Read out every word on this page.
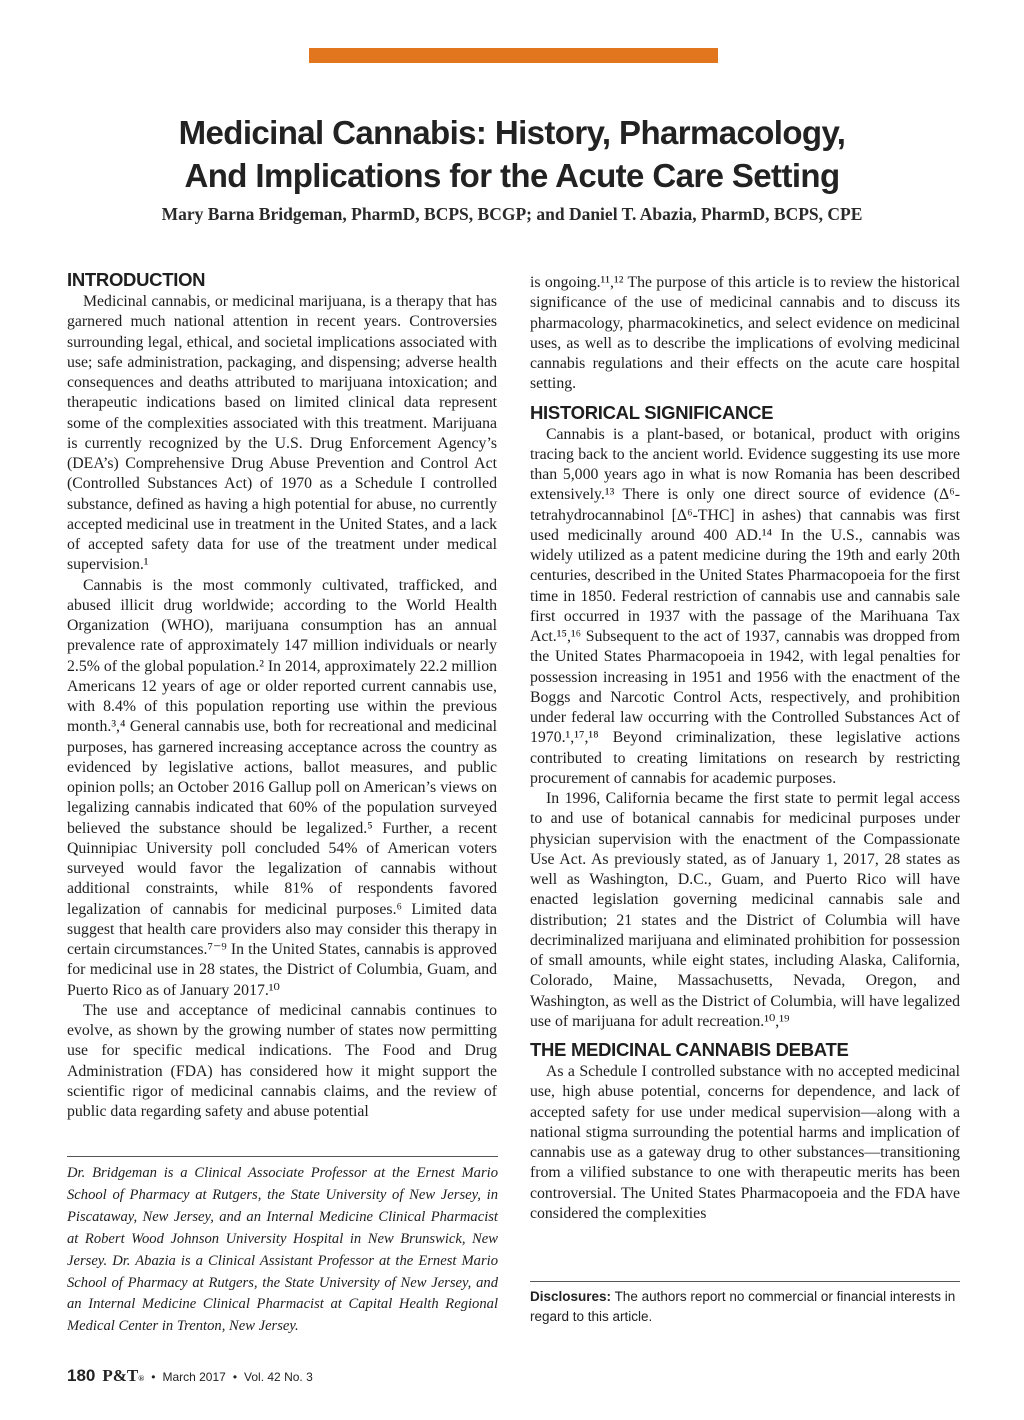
Medicinal Cannabis: History, Pharmacology,
And Implications for the Acute Care Setting
Mary Barna Bridgeman, PharmD, BCPS, BCGP; and Daniel T. Abazia, PharmD, BCPS, CPE
INTRODUCTION

Medicinal cannabis, or medicinal marijuana, is a therapy that has garnered much national attention in recent years. Controversies surrounding legal, ethical, and societal implications associated with use; safe administration, packaging, and dispensing; adverse health consequences and deaths attributed to marijuana intoxication; and therapeutic indications based on limited clinical data represent some of the complexities associated with this treatment. Marijuana is currently recognized by the U.S. Drug Enforcement Agency’s (DEA’s) Comprehensive Drug Abuse Prevention and Control Act (Controlled Substances Act) of 1970 as a Schedule I controlled substance, defined as having a high potential for abuse, no currently accepted medicinal use in treatment in the United States, and a lack of accepted safety data for use of the treatment under medical supervision.¹

Cannabis is the most commonly cultivated, trafficked, and abused illicit drug worldwide; according to the World Health Organization (WHO), marijuana consumption has an annual prevalence rate of approximately 147 million individuals or nearly 2.5% of the global population.² In 2014, approximately 22.2 million Americans 12 years of age or older reported current cannabis use, with 8.4% of this population reporting use within the previous month.³,⁴ General cannabis use, both for recreational and medicinal purposes, has garnered increasing acceptance across the country as evidenced by legislative actions, ballot measures, and public opinion polls; an October 2016 Gallup poll on American’s views on legalizing cannabis indicated that 60% of the population surveyed believed the substance should be legalized.⁵ Further, a recent Quinnipiac University poll concluded 54% of American voters surveyed would favor the legalization of cannabis without additional constraints, while 81% of respondents favored legalization of cannabis for medicinal purposes.⁶ Limited data suggest that health care providers also may consider this therapy in certain circumstances.⁷⁻⁹ In the United States, cannabis is approved for medicinal use in 28 states, the District of Columbia, Guam, and Puerto Rico as of January 2017.¹⁰

The use and acceptance of medicinal cannabis continues to evolve, as shown by the growing number of states now permitting use for specific medical indications. The Food and Drug Administration (FDA) has considered how it might support the scientific rigor of medicinal cannabis claims, and the review of public data regarding safety and abuse potential

is ongoing.¹¹,¹² The purpose of this article is to review the historical significance of the use of medicinal cannabis and to discuss its pharmacology, pharmacokinetics, and select evidence on medicinal uses, as well as to describe the implications of evolving medicinal cannabis regulations and their effects on the acute care hospital setting.

HISTORICAL SIGNIFICANCE

Cannabis is a plant-based, or botanical, product with origins tracing back to the ancient world. Evidence suggesting its use more than 5,000 years ago in what is now Romania has been described extensively.¹³ There is only one direct source of evidence (Δ⁶-tetrahydrocannabinol [Δ⁶-THC] in ashes) that cannabis was first used medicinally around 400 AD.¹⁴ In the U.S., cannabis was widely utilized as a patent medicine during the 19th and early 20th centuries, described in the United States Pharmacopoeia for the first time in 1850. Federal restriction of cannabis use and cannabis sale first occurred in 1937 with the passage of the Marihuana Tax Act.¹⁵,¹⁶ Subsequent to the act of 1937, cannabis was dropped from the United States Pharmacopoeia in 1942, with legal penalties for possession increasing in 1951 and 1956 with the enactment of the Boggs and Narcotic Control Acts, respectively, and prohibition under federal law occurring with the Controlled Substances Act of 1970.¹,¹⁷,¹⁸ Beyond criminalization, these legislative actions contributed to creating limitations on research by restricting procurement of cannabis for academic purposes.

In 1996, California became the first state to permit legal access to and use of botanical cannabis for medicinal purposes under physician supervision with the enactment of the Compassionate Use Act. As previously stated, as of January 1, 2017, 28 states as well as Washington, D.C., Guam, and Puerto Rico will have enacted legislation governing medicinal cannabis sale and distribution; 21 states and the District of Columbia will have decriminalized marijuana and eliminated prohibition for possession of small amounts, while eight states, including Alaska, California, Colorado, Maine, Massachusetts, Nevada, Oregon, and Washington, as well as the District of Columbia, will have legalized use of marijuana for adult recreation.¹⁰,¹⁹

THE MEDICINAL CANNABIS DEBATE

As a Schedule I controlled substance with no accepted medicinal use, high abuse potential, concerns for dependence, and lack of accepted safety for use under medical supervision—along with a national stigma surrounding the potential harms and implication of cannabis use as a gateway drug to other substances—transitioning from a vilified substance to one with therapeutic merits has been controversial. The United States Pharmacopoeia and the FDA have considered the complexities

Dr. Bridgeman is a Clinical Associate Professor at the Ernest Mario School of Pharmacy at Rutgers, the State University of New Jersey, in Piscataway, New Jersey, and an Internal Medicine Clinical Pharmacist at Robert Wood Johnson University Hospital in New Brunswick, New Jersey. Dr. Abazia is a Clinical Assistant Professor at the Ernest Mario School of Pharmacy at Rutgers, the State University of New Jersey, and an Internal Medicine Clinical Pharmacist at Capital Health Regional Medical Center in Trenton, New Jersey.

Disclosures: The authors report no commercial or financial interests in regard to this article.
180 P&T® • March 2017 • Vol. 42 No. 3
